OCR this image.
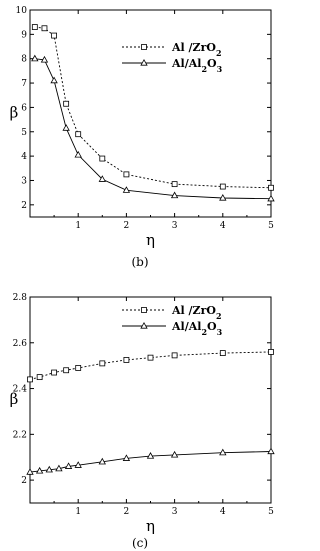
1	2	3	4	5
2
3
4
5
6
7
8
9
10
η
β
Al /ZrO$_2$
$Al/Al_2O_3$
(b)
1	2	3	4	5
2
2.2
2.4
2.6
2.8
η
β
Al /ZrO$_2$
$Al/Al_2O_3$
(c)
